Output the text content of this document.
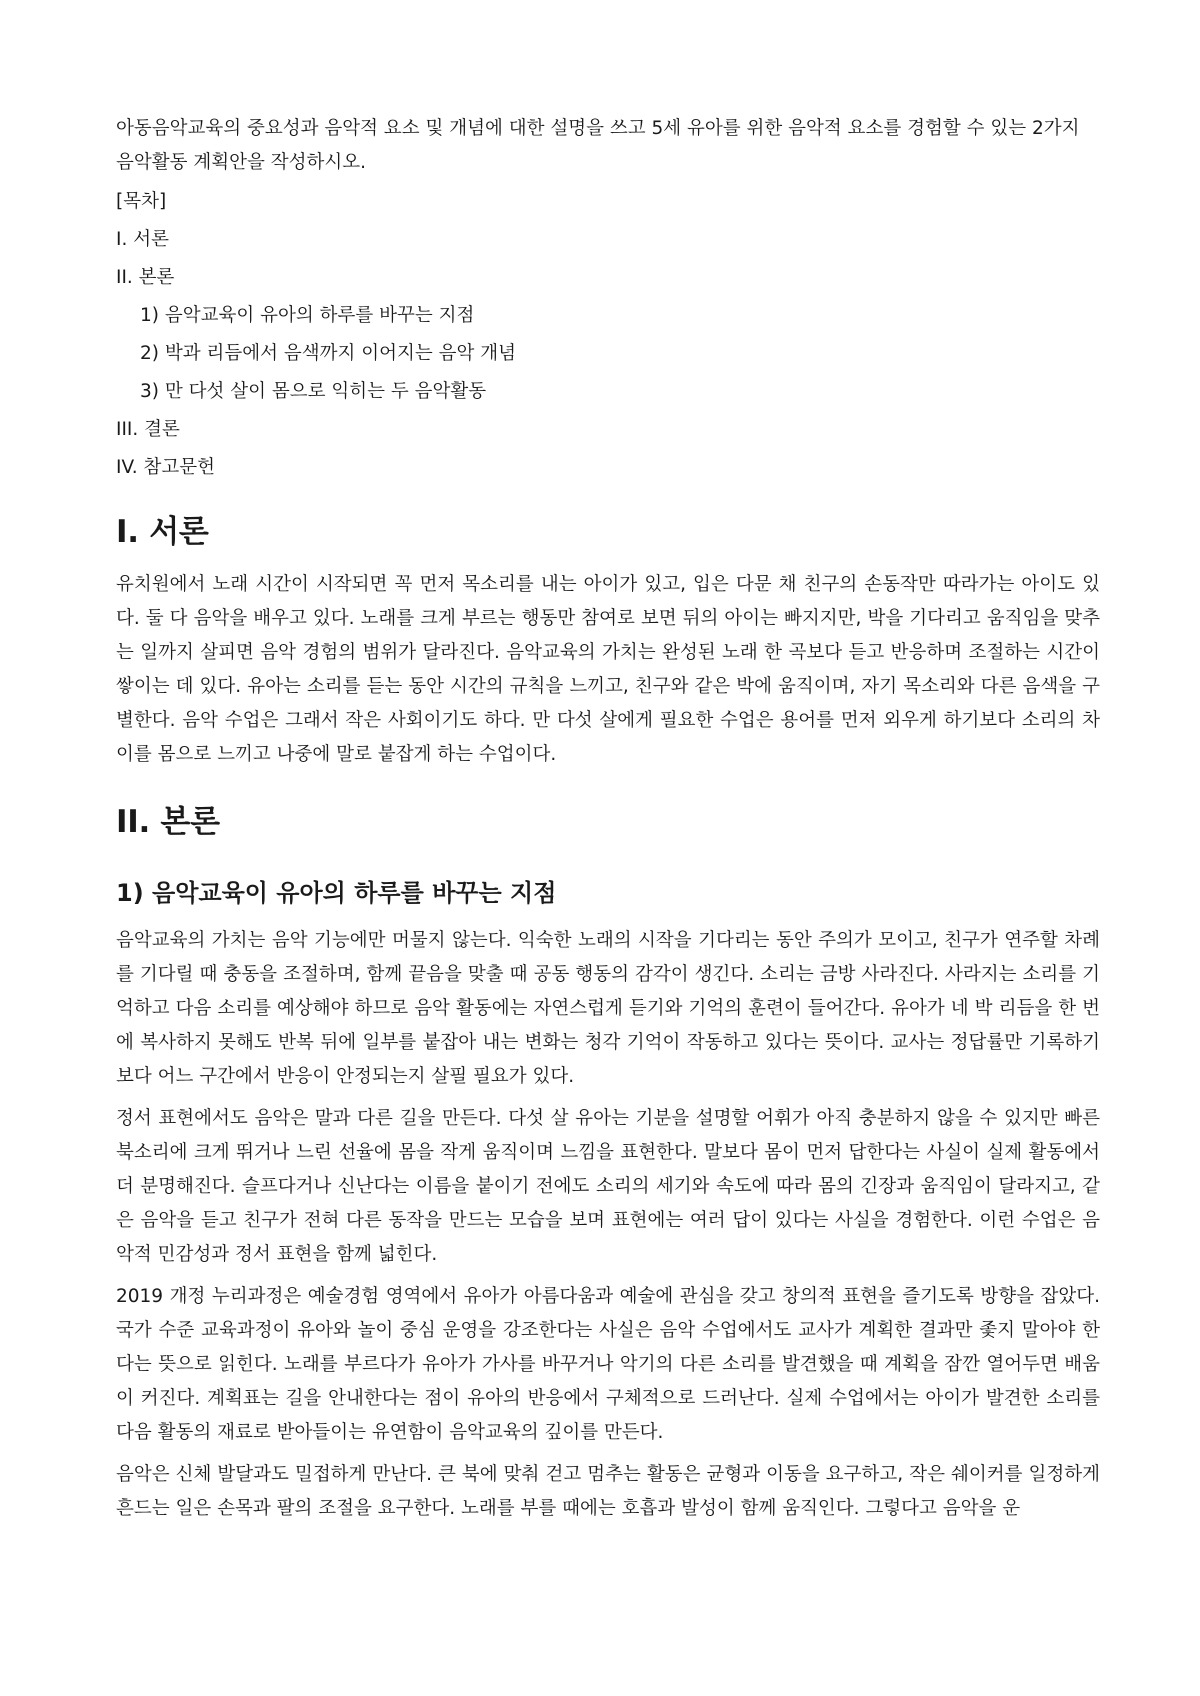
아동음악교육의 중요성과 음악적 요소 및 개념에 대한 설명을 쓰고 5세 유아를 위한 음악적 요소를 경험할 수 있는 2가지 음악활동 계획안을 작성하시오.

[목차]
I. 서론
II. 본론
1) 음악교육이 유아의 하루를 바꾸는 지점
2) 박과 리듬에서 음색까지 이어지는 음악 개념
3) 만 다섯 살이 몸으로 익히는 두 음악활동
III. 결론
IV. 참고문헌
I. 서론

유치원에서 노래 시간이 시작되면 꼭 먼저 목소리를 내는 아이가 있고, 입은 다문 채 친구의 손동작만 따라가는 아이도 있다. 둘 다 음악을 배우고 있다. 노래를 크게 부르는 행동만 참여로 보면 뒤의 아이는 빠지지만, 박을 기다리고 움직임을 맞추는 일까지 살피면 음악 경험의 범위가 달라진다. 음악교육의 가치는 완성된 노래 한 곡보다 듣고 반응하며 조절하는 시간이 쌓이는 데 있다. 유아는 소리를 듣는 동안 시간의 규칙을 느끼고, 친구와 같은 박에 움직이며, 자기 목소리와 다른 음색을 구별한다. 음악 수업은 그래서 작은 사회이기도 하다. 만 다섯 살에게 필요한 수업은 용어를 먼저 외우게 하기보다 소리의 차이를 몸으로 느끼고 나중에 말로 붙잡게 하는 수업이다.

II. 본론
1) 음악교육이 유아의 하루를 바꾸는 지점

음악교육의 가치는 음악 기능에만 머물지 않는다. 익숙한 노래의 시작을 기다리는 동안 주의가 모이고, 친구가 연주할 차례를 기다릴 때 충동을 조절하며, 함께 끝음을 맞출 때 공동 행동의 감각이 생긴다. 소리는 금방 사라진다. 사라지는 소리를 기억하고 다음 소리를 예상해야 하므로 음악 활동에는 자연스럽게 듣기와 기억의 훈련이 들어간다. 유아가 네 박 리듬을 한 번에 복사하지 못해도 반복 뒤에 일부를 붙잡아 내는 변화는 청각 기억이 작동하고 있다는 뜻이다. 교사는 정답률만 기록하기보다 어느 구간에서 반응이 안정되는지 살필 필요가 있다.

정서 표현에서도 음악은 말과 다른 길을 만든다. 다섯 살 유아는 기분을 설명할 어휘가 아직 충분하지 않을 수 있지만 빠른 북소리에 크게 뛰거나 느린 선율에 몸을 작게 움직이며 느낌을 표현한다. 말보다 몸이 먼저 답한다는 사실이 실제 활동에서 더 분명해진다. 슬프다거나 신난다는 이름을 붙이기 전에도 소리의 세기와 속도에 따라 몸의 긴장과 움직임이 달라지고, 같은 음악을 듣고 친구가 전혀 다른 동작을 만드는 모습을 보며 표현에는 여러 답이 있다는 사실을 경험한다. 이런 수업은 음악적 민감성과 정서 표현을 함께 넓힌다.

2019 개정 누리과정은 예술경험 영역에서 유아가 아름다움과 예술에 관심을 갖고 창의적 표현을 즐기도록 방향을 잡았다. 국가 수준 교육과정이 유아와 놀이 중심 운영을 강조한다는 사실은 음악 수업에서도 교사가 계획한 결과만 좇지 말아야 한다는 뜻으로 읽힌다. 노래를 부르다가 유아가 가사를 바꾸거나 악기의 다른 소리를 발견했을 때 계획을 잠깐 열어두면 배움이 커진다. 계획표는 길을 안내한다는 점이 유아의 반응에서 구체적으로 드러난다. 실제 수업에서는 아이가 발견한 소리를 다음 활동의 재료로 받아들이는 유연함이 음악교육의 깊이를 만든다.

음악은 신체 발달과도 밀접하게 만난다. 큰 북에 맞춰 걷고 멈추는 활동은 균형과 이동을 요구하고, 작은 쉐이커를 일정하게 흔드는 일은 손목과 팔의 조절을 요구한다. 노래를 부를 때에는 호흡과 발성이 함께 움직인다. 그렇다고 음악을 운
